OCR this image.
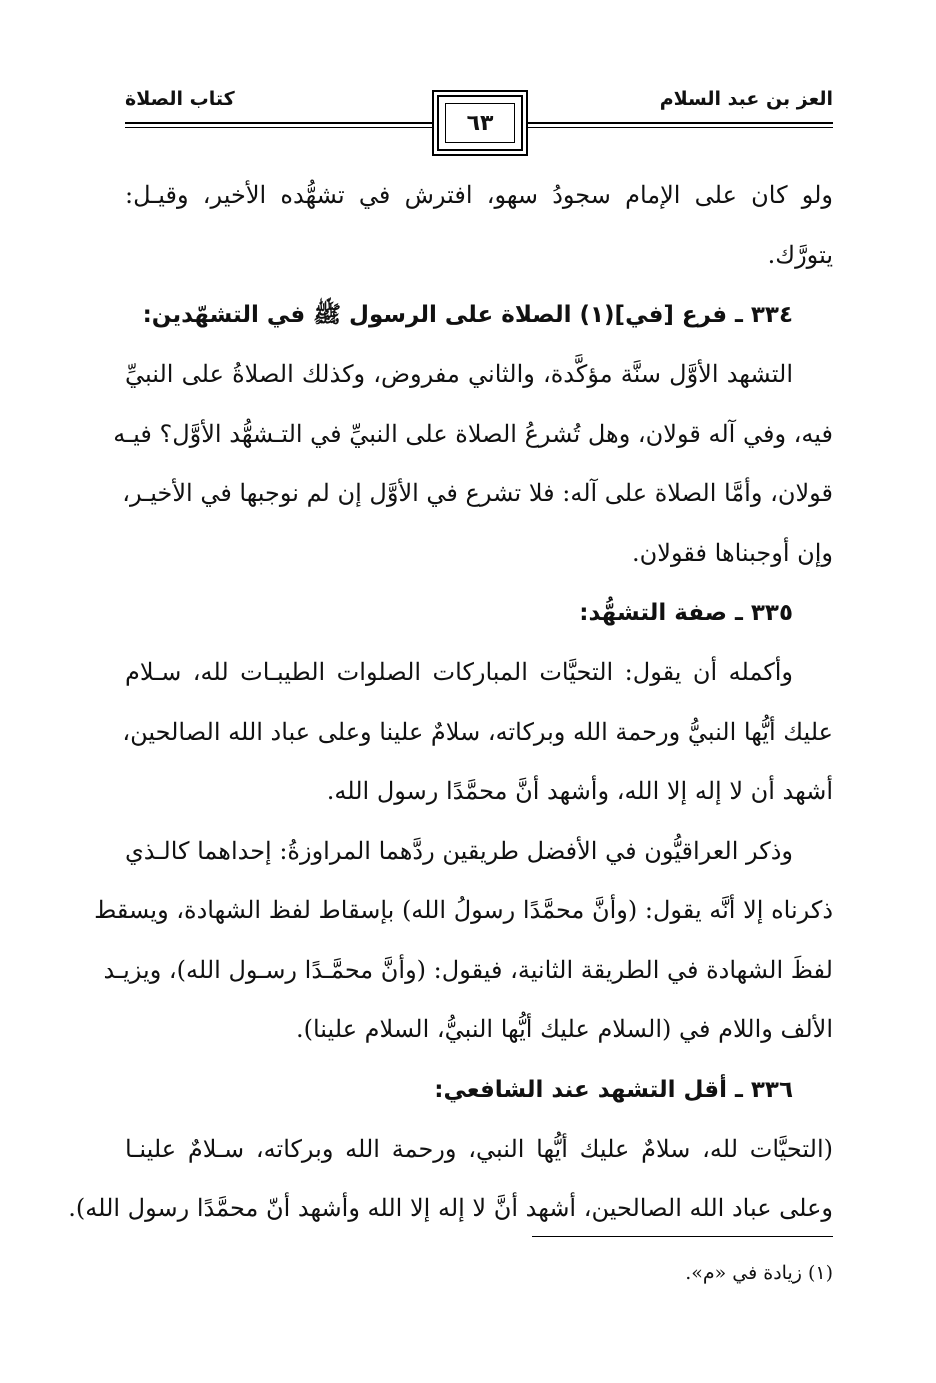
العز بن عبد السلام
كتاب الصلاة
٦٣
ولو كان على الإمام سجودُ سهو، افترش في تشهُّده الأخير، وقيـل:
يتورَّك.
٣٣٤ ـ فرع [في](١) الصلاة على الرسول ﷺ في التشهّدين:
التشهد الأوَّل سنَّة مؤكَّدة، والثاني مفروض، وكذلك الصلاةُ على النبيِّ
فيه، وفي آله قولان، وهل تُشرعُ الصلاة على النبيِّ في التـشهُّد الأوَّل؟ فيـه
قولان، وأمَّا الصلاة على آله: فلا تشرع في الأوَّل إن لم نوجبها في الأخيـر،
وإن أوجبناها فقولان.
٣٣٥ ـ صفة التشهُّد:
وأكمله أن يقول: التحيَّات المباركات الصلوات الطيبـات لله، سـلام
عليك أيُّها النبيُّ ورحمة الله وبركاته، سلامٌ علينا وعلى عباد الله الصالحين،
أشهد أن لا إله إلا الله، وأشهد أنَّ محمَّدًا رسول الله.
وذكر العراقيُّون في الأفضل طريقين ردَّهما المراوزةُ: إحداهما كالـذي
ذكرناه إلا أنَّه يقول: (وأنَّ محمَّدًا رسولُ الله) بإسقاط لفظ الشهادة، ويسقط
لفظَ الشهادة في الطريقة الثانية، فيقول: (وأنَّ محمَّـدًا رسـول الله)، ويزيـد
الألف واللام في (السلام عليك أيُّها النبيُّ، السلام علينا).
٣٣٦ ـ أقل التشهد عند الشافعي:
(التحيَّات لله، سلامٌ عليك أيُّها النبي، ورحمة الله وبركاته، سـلامٌ علينـا
وعلى عباد الله الصالحين، أشهد أنَّ لا إله إلا الله وأشهد أنّ محمَّدًا رسول الله).
(١) زيادة في «م».
